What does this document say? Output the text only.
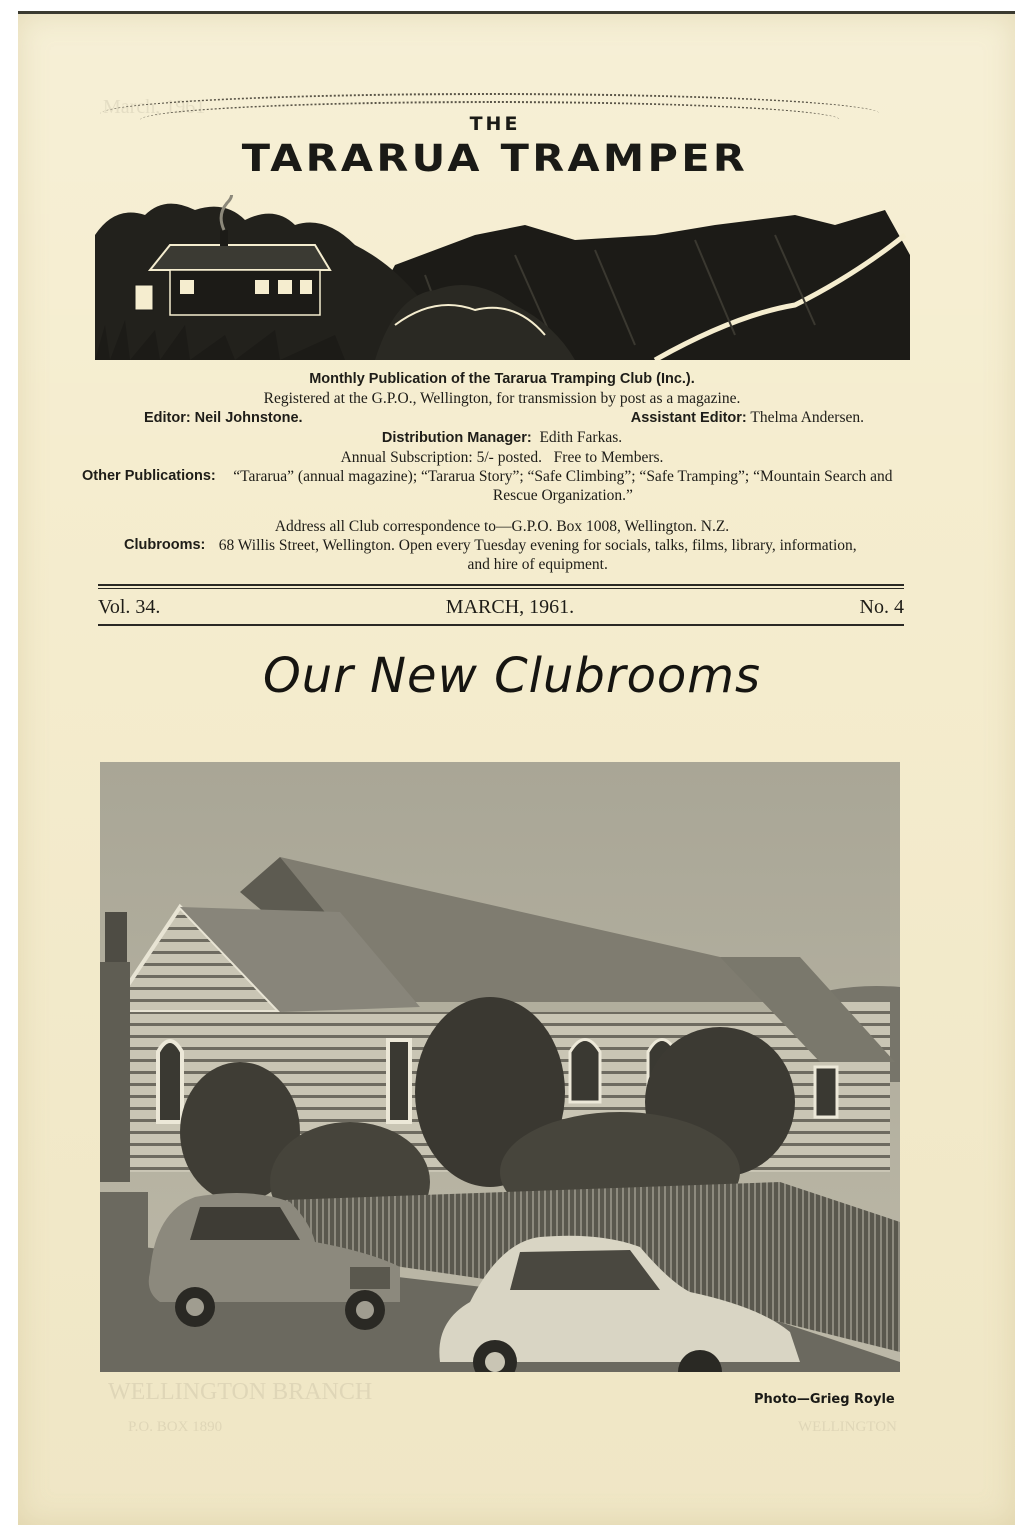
March, 1961
WELLINGTON BRANCH
P.O. BOX 1890	WELLINGTON
THE
TARARUA TRAMPER
Monthly Publication of the Tararua Tramping Club (Inc.).
Registered at the G.P.O., Wellington, for transmission by post as a magazine.
Editor: Neil Johnstone.	Assistant Editor: Thelma Andersen.
Distribution Manager: Edith Farkas.
Annual Subscription: 5/- posted.   Free to Members.
Other Publications:	“Tararua” (annual magazine); “Tararua Story”; “Safe Climbing”; “Safe Tramping”; “Mountain Search and Rescue Organization.”
Address all Club correspondence to—G.P.O. Box 1008, Wellington. N.Z.
Clubrooms: 68 Willis Street, Wellington. Open every Tuesday evening for socials, talks, films, library, information, and hire of equipment.
Vol. 34.	MARCH, 1961.	No. 4
Our New Clubrooms
Photo—Grieg Royle
